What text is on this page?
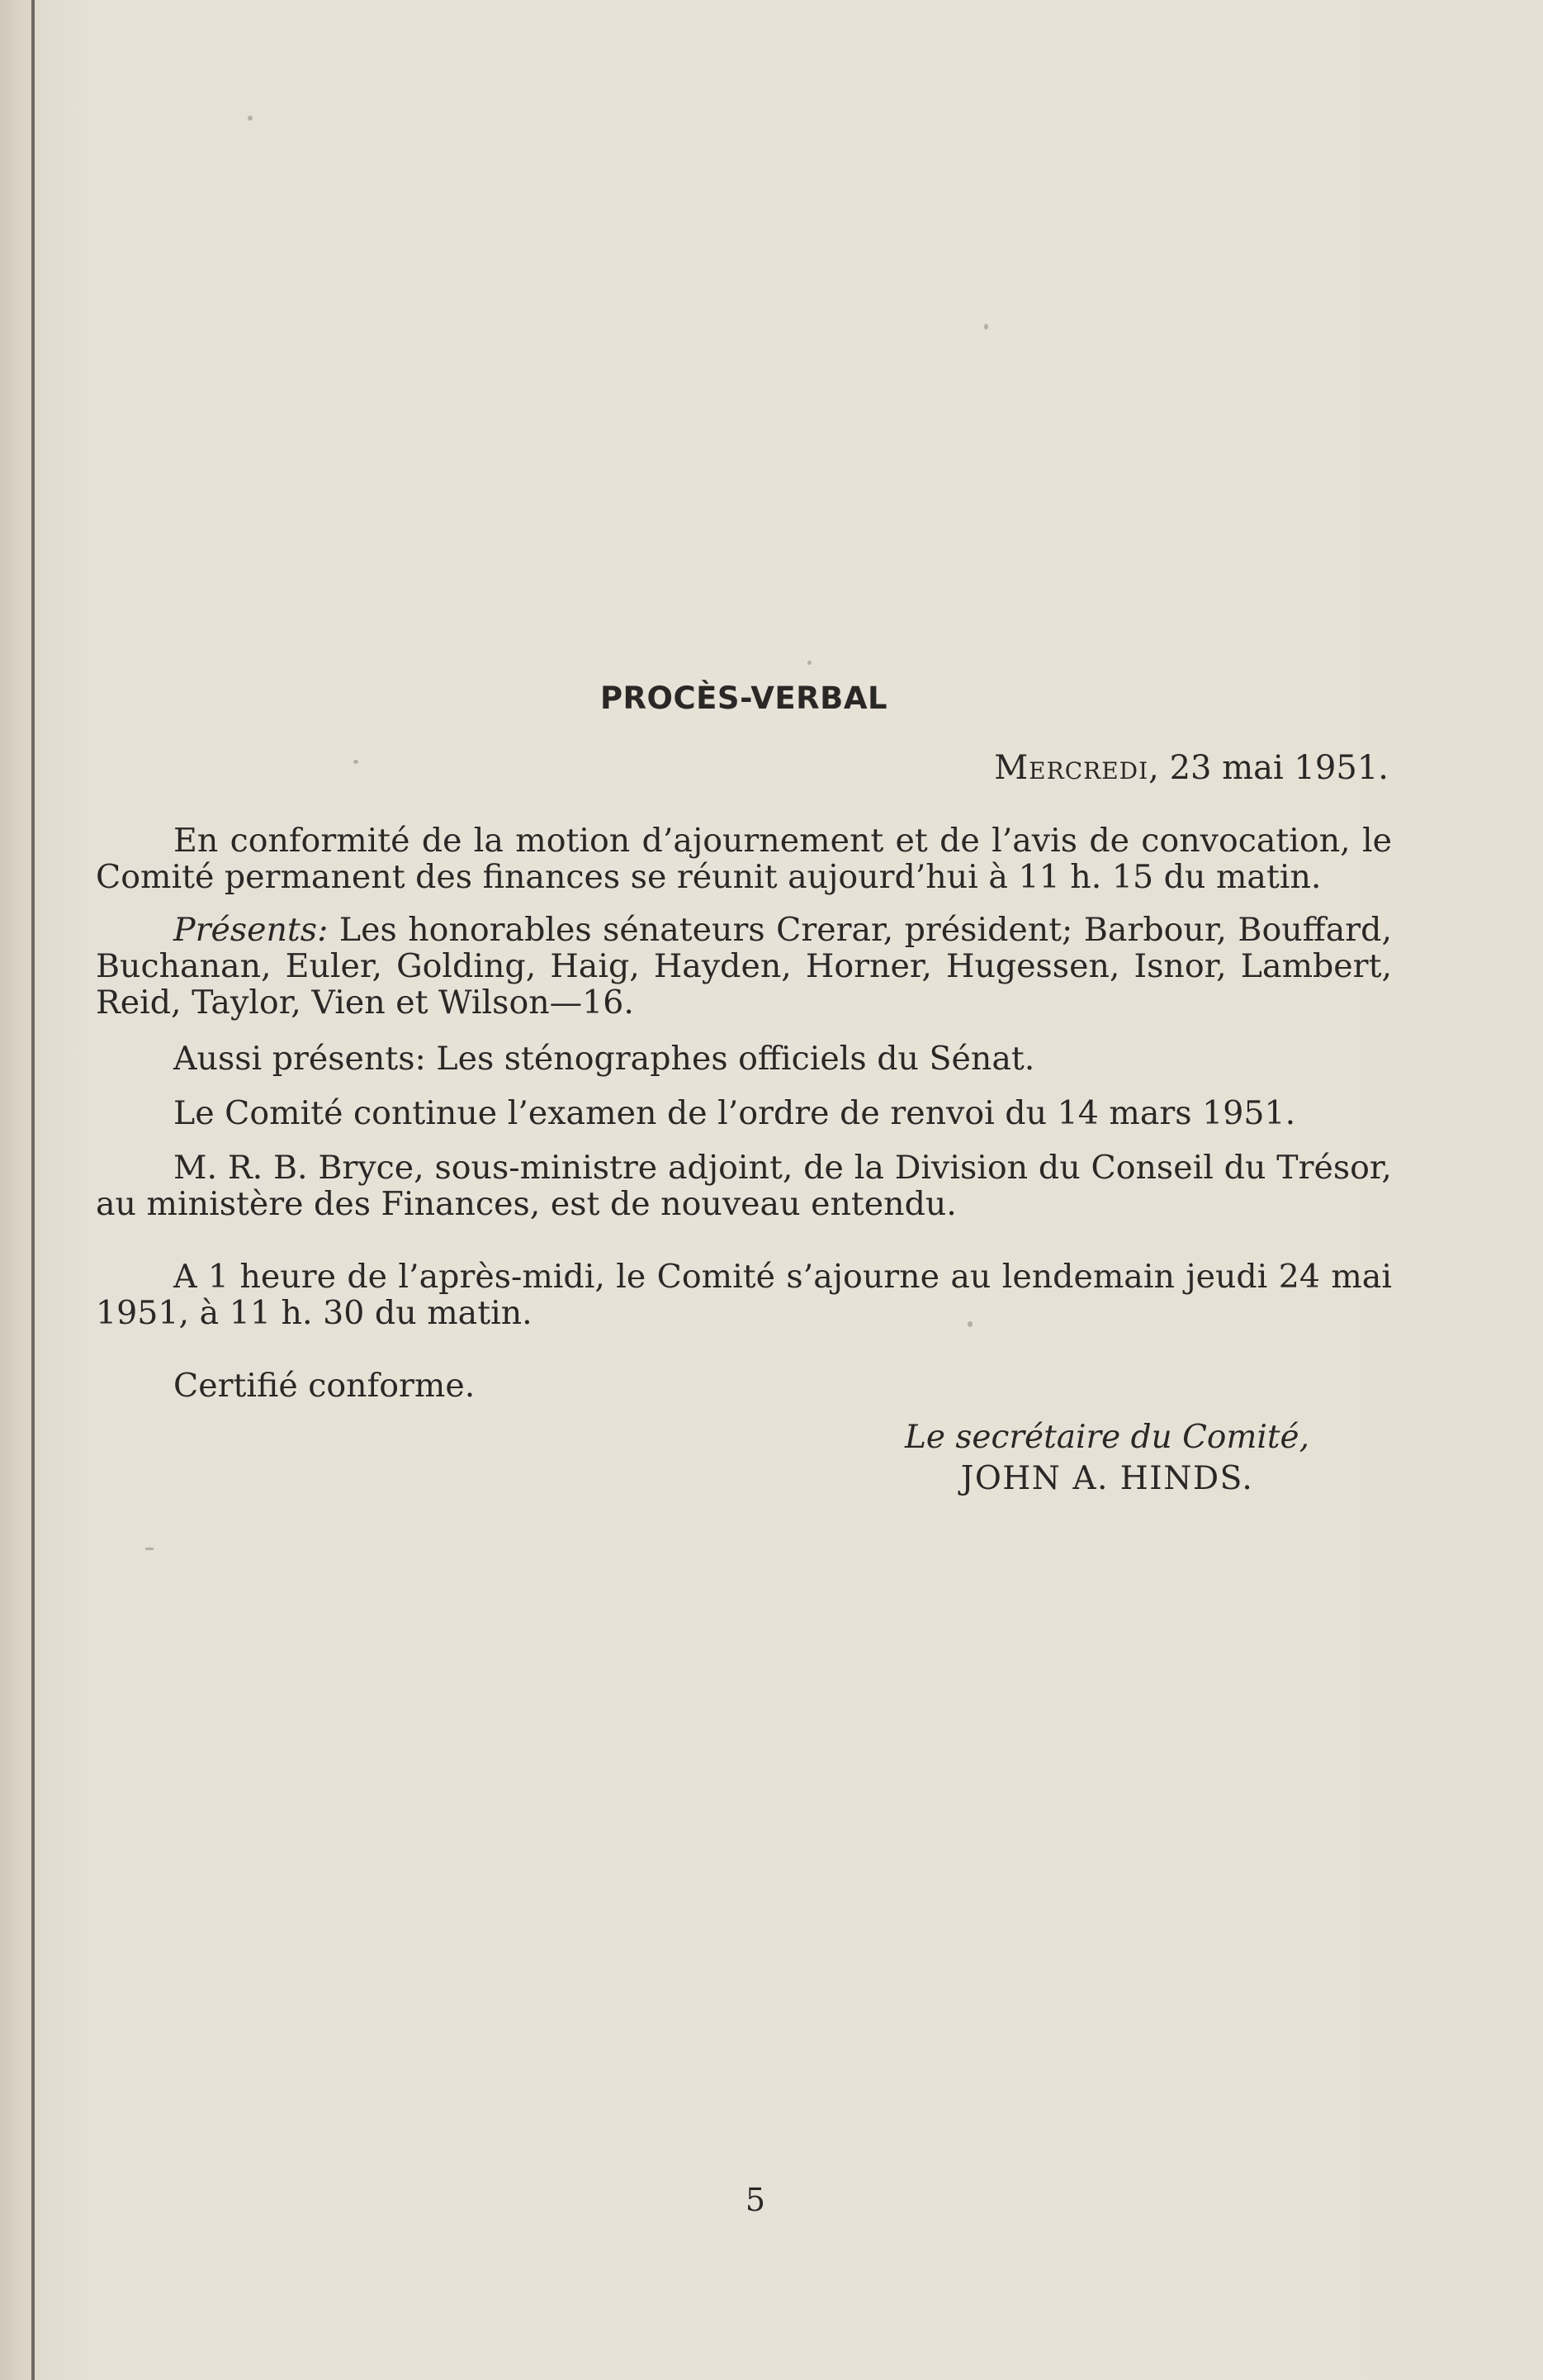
PROCÈS-VERBAL
Mercredi, 23 mai 1951.
En conformité de la motion d’ajournement et de l’avis de convocation, le Comité permanent des finances se réunit aujourd’hui à 11 h. 15 du matin.
Présents: Les honorables sénateurs Crerar, président; Barbour, Bouffard, Buchanan, Euler, Golding, Haig, Hayden, Horner, Hugessen, Isnor, Lambert, Reid, Taylor, Vien et Wilson—16.
Aussi présents: Les sténographes officiels du Sénat.
Le Comité continue l’examen de l’ordre de renvoi du 14 mars 1951.
M. R. B. Bryce, sous-ministre adjoint, de la Division du Conseil du Trésor, au ministère des Finances, est de nouveau entendu.
A 1 heure de l’après-midi, le Comité s’ajourne au lendemain jeudi 24 mai 1951, à 11 h. 30 du matin.
Certifié conforme.
Le secrétaire du Comité,
JOHN A. HINDS.
5
